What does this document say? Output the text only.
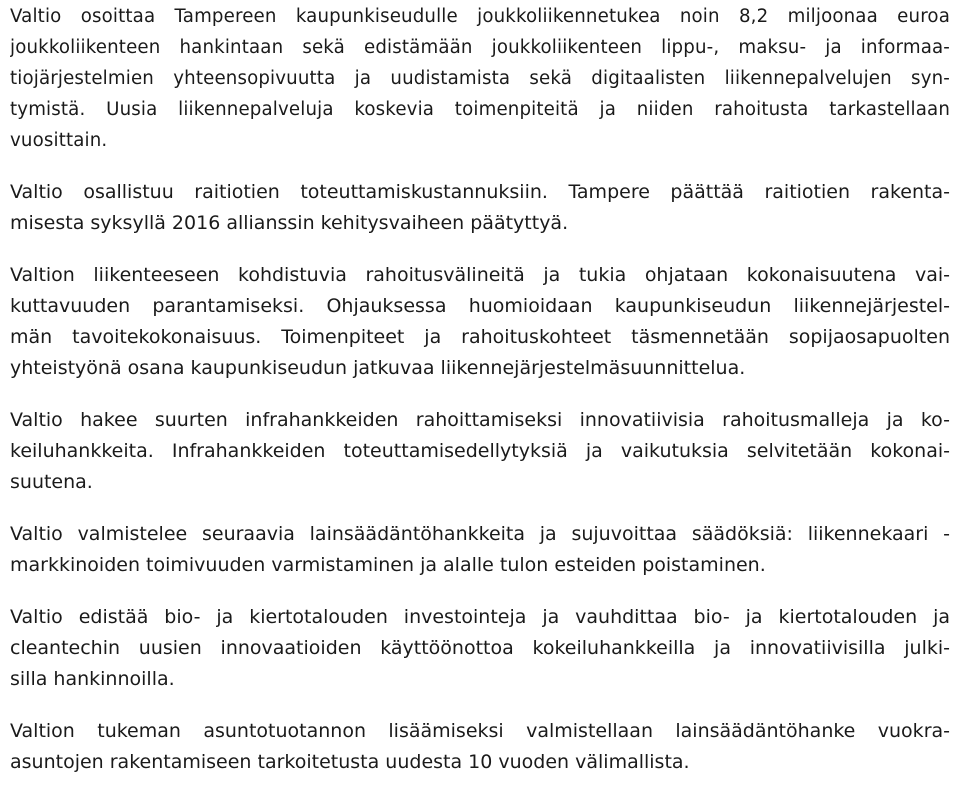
Valtio osoittaa Tampereen kaupunkiseudulle joukkoliikennetukea noin 8,2 miljoonaa euroa
joukkoliikenteen hankintaan sekä edistämään joukkoliikenteen lippu-, maksu- ja informaa-
tiojärjestelmien yhteensopivuutta ja uudistamista sekä digitaalisten liikennepalvelujen syn-
tymistä. Uusia liikennepalveluja koskevia toimenpiteitä ja niiden rahoitusta tarkastellaan
vuosittain.

Valtio osallistuu raitiotien toteuttamiskustannuksiin. Tampere päättää raitiotien rakenta-
misesta syksyllä 2016 allianssin kehitysvaiheen päätyttyä.

Valtion liikenteeseen kohdistuvia rahoitusvälineitä ja tukia ohjataan kokonaisuutena vai-
kuttavuuden parantamiseksi. Ohjauksessa huomioidaan kaupunkiseudun liikennejärjestel-
män tavoitekokonaisuus. Toimenpiteet ja rahoituskohteet täsmennetään sopijaosapuolten
yhteistyönä osana kaupunkiseudun jatkuvaa liikennejärjestelmäsuunnittelua.

Valtio hakee suurten infrahankkeiden rahoittamiseksi innovatiivisia rahoitusmalleja ja ko-
keiluhankkeita. Infrahankkeiden toteuttamisedellytyksiä ja vaikutuksia selvitetään kokonai-
suutena.

Valtio valmistelee seuraavia lainsäädäntöhankkeita ja sujuvoittaa säädöksiä: liikennekaari -
markkinoiden toimivuuden varmistaminen ja alalle tulon esteiden poistaminen.

Valtio edistää bio- ja kiertotalouden investointeja ja vauhdittaa bio- ja kiertotalouden ja
cleantechin uusien innovaatioiden käyttöönottoa kokeiluhankkeilla ja innovatiivisilla julki-
silla hankinnoilla.

Valtion tukeman asuntotuotannon lisäämiseksi valmistellaan lainsäädäntöhanke vuokra-
asuntojen rakentamiseen tarkoitetusta uudesta 10 vuoden välimallista.
